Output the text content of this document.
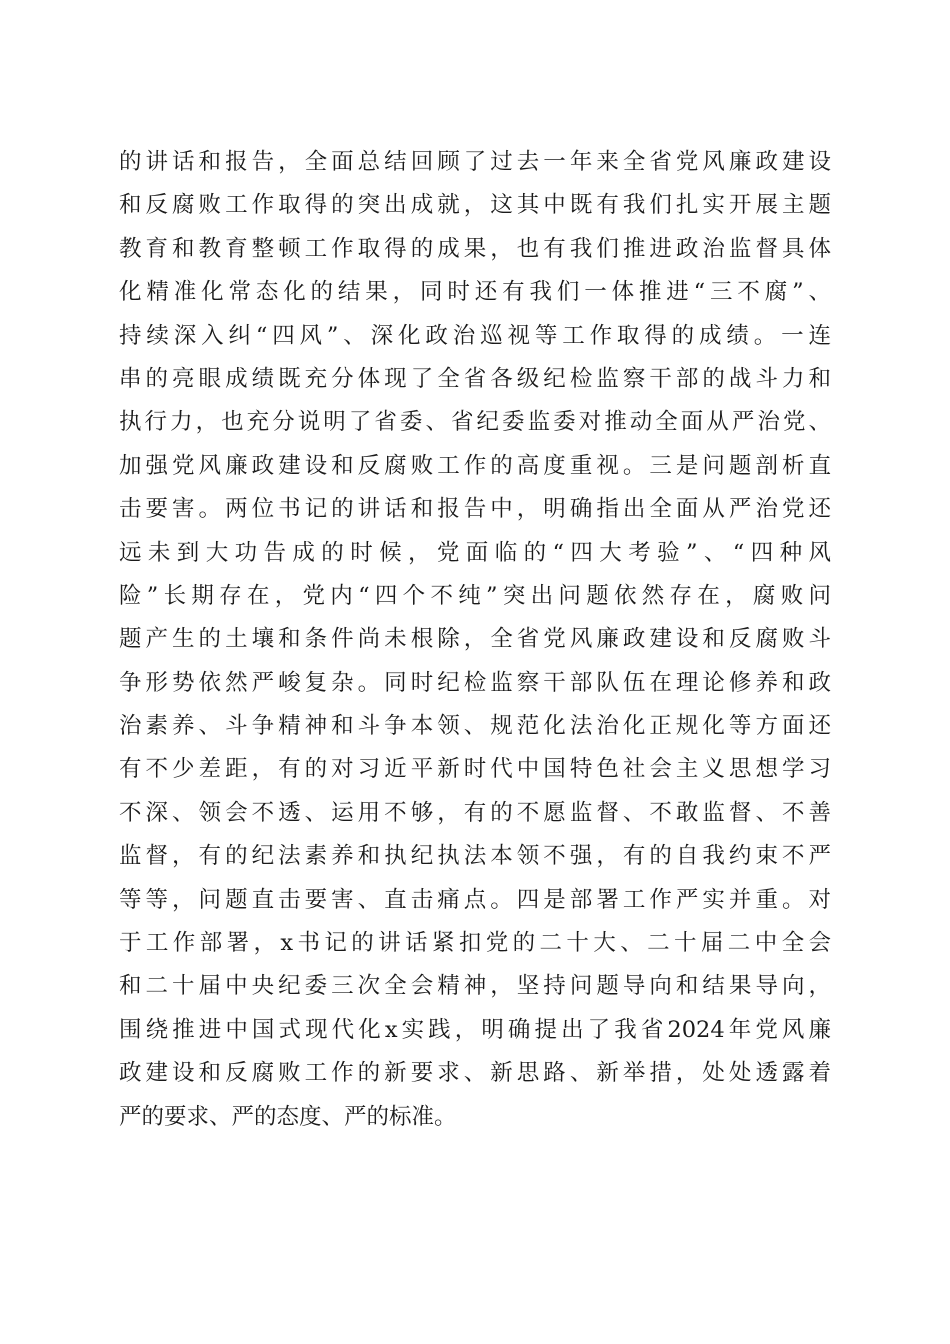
的讲话和报告，全面总结回顾了过去一年来全省党风廉政建设
和反腐败工作取得的突出成就，这其中既有我们扎实开展主题
教育和教育整顿工作取得的成果，也有我们推进政治监督具体
化精准化常态化的结果，同时还有我们一体推进“三不腐”、
持续深入纠“四风”、深化政治巡视等工作取得的成绩。一连
串的亮眼成绩既充分体现了全省各级纪检监察干部的战斗力和
执行力，也充分说明了省委、省纪委监委对推动全面从严治党、
加强党风廉政建设和反腐败工作的高度重视。三是问题剖析直
击要害。两位书记的讲话和报告中，明确指出全面从严治党还
远未到大功告成的时候，党面临的“四大考验”、“四种风
险”长期存在，党内“四个不纯”突出问题依然存在，腐败问
题产生的土壤和条件尚未根除，全省党风廉政建设和反腐败斗
争形势依然严峻复杂。同时纪检监察干部队伍在理论修养和政
治素养、斗争精神和斗争本领、规范化法治化正规化等方面还
有不少差距，有的对习近平新时代中国特色社会主义思想学习
不深、领会不透、运用不够，有的不愿监督、不敢监督、不善
监督，有的纪法素养和执纪执法本领不强，有的自我约束不严
等等，问题直击要害、直击痛点。四是部署工作严实并重。对
于工作部署，x书记的讲话紧扣党的二十大、二十届二中全会
和二十届中央纪委三次全会精神，坚持问题导向和结果导向，
围绕推进中国式现代化x实践，明确提出了我省2024年党风廉
政建设和反腐败工作的新要求、新思路、新举措，处处透露着
严的要求、严的态度、严的标准。
